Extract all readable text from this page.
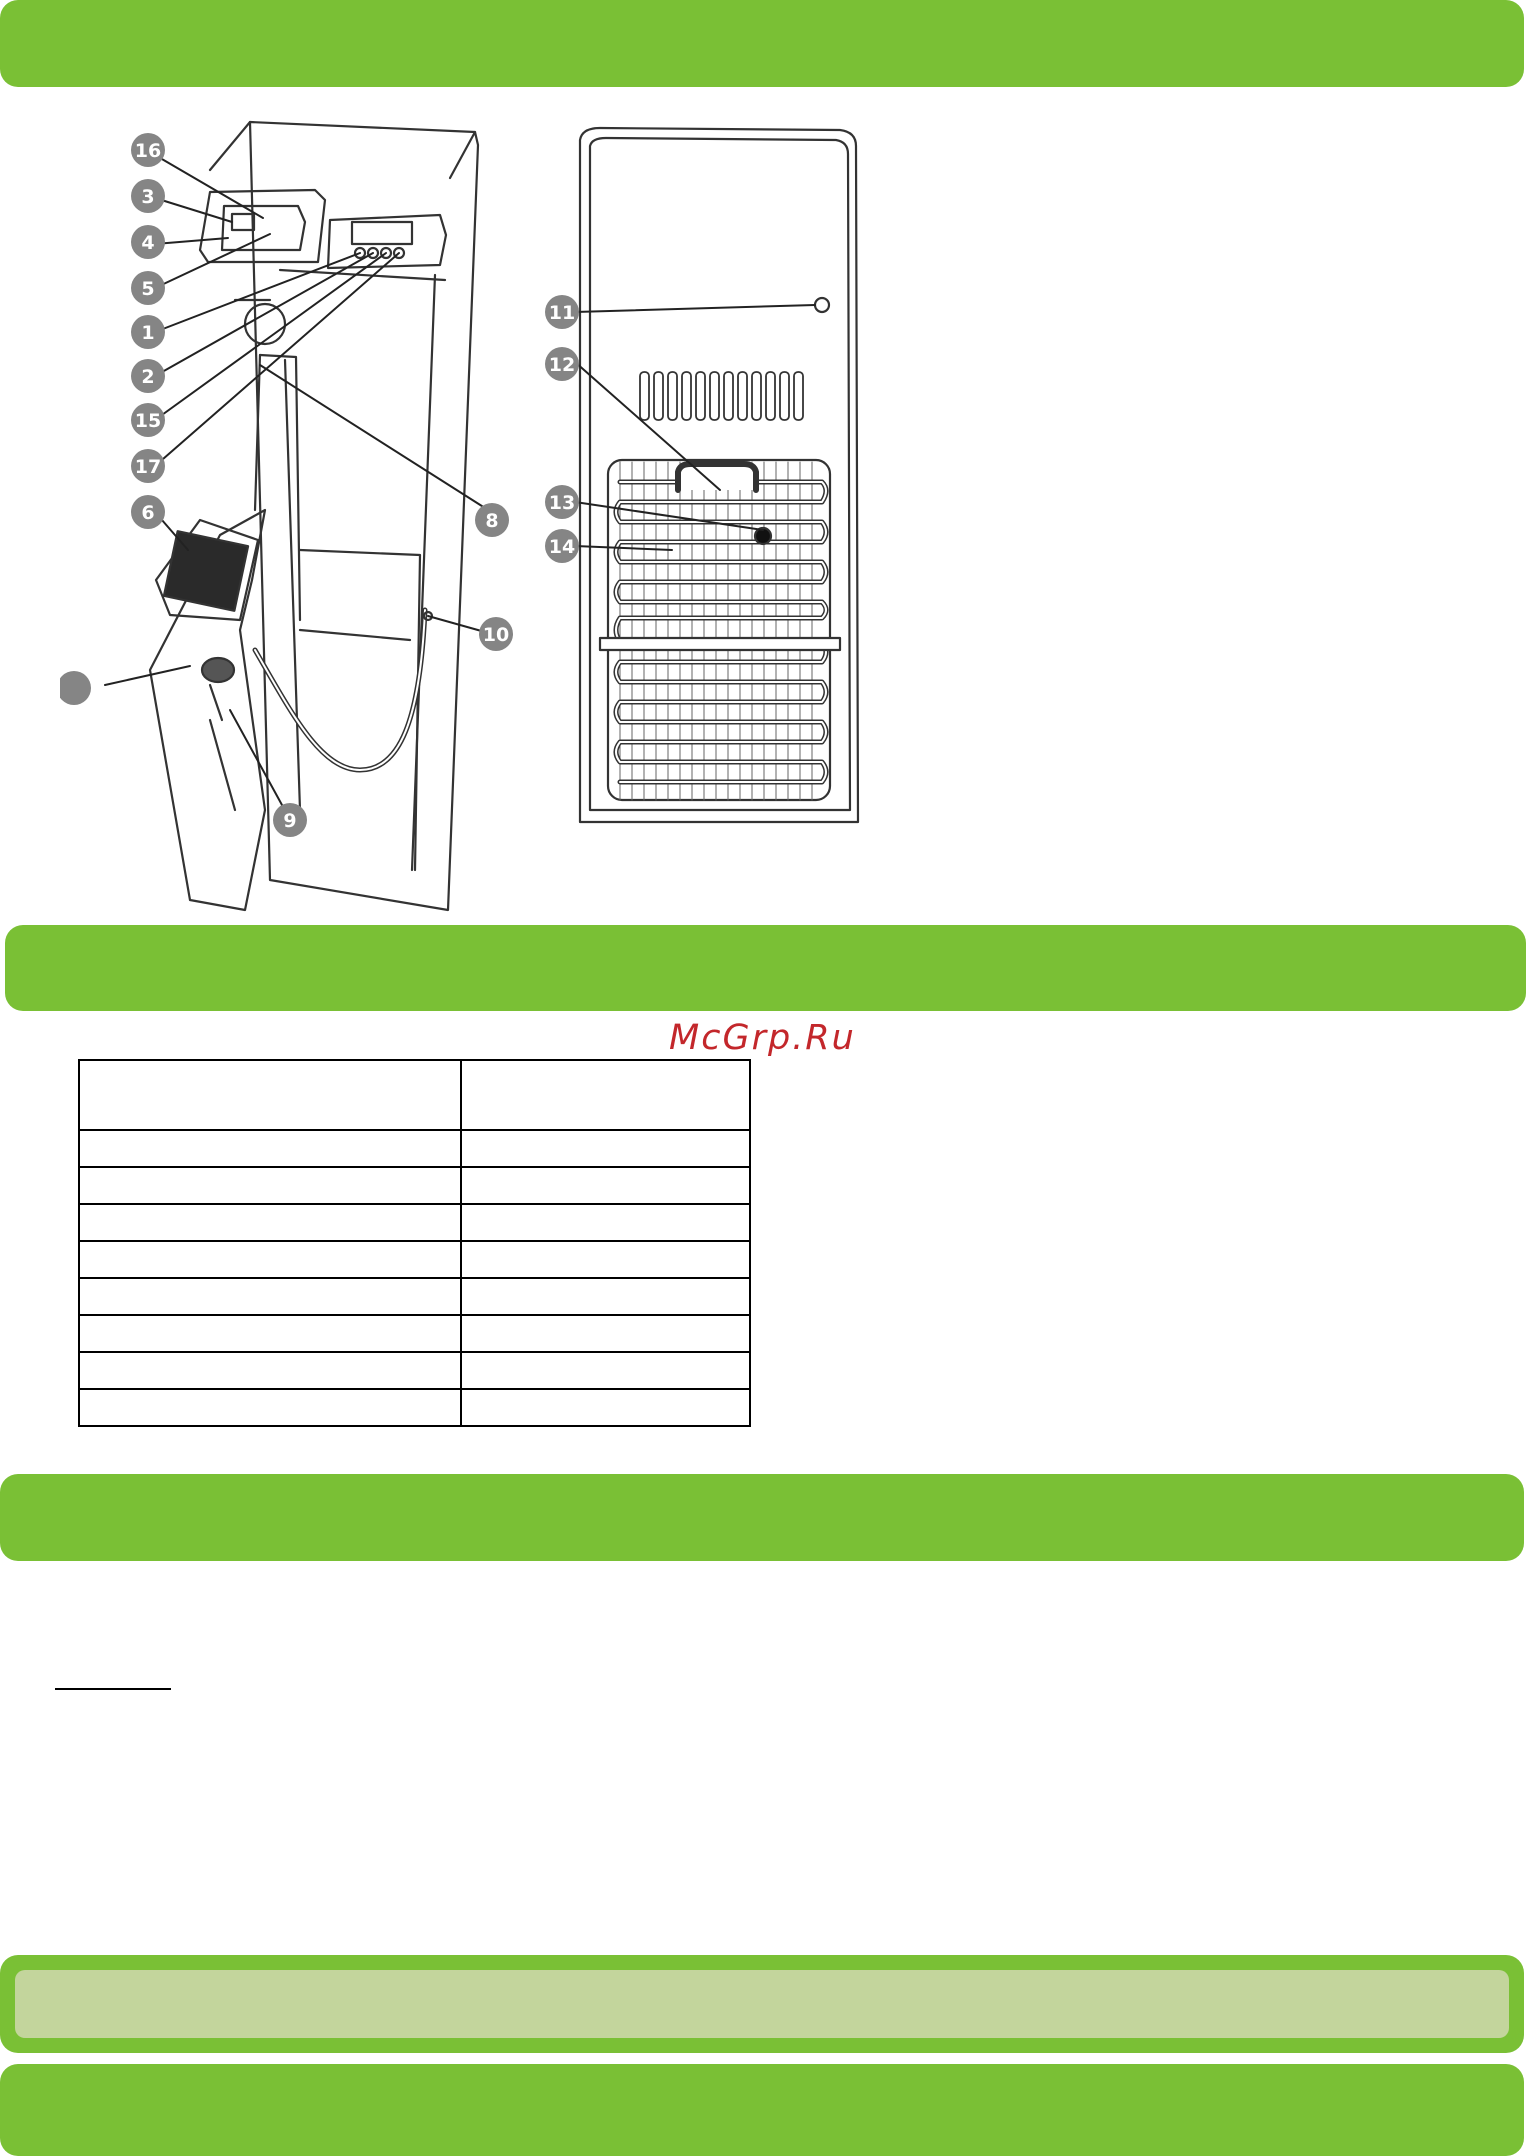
16
3
4
5
1
2
15
17
6	8
10
9
11
12
13
14
McGrp.Ru
